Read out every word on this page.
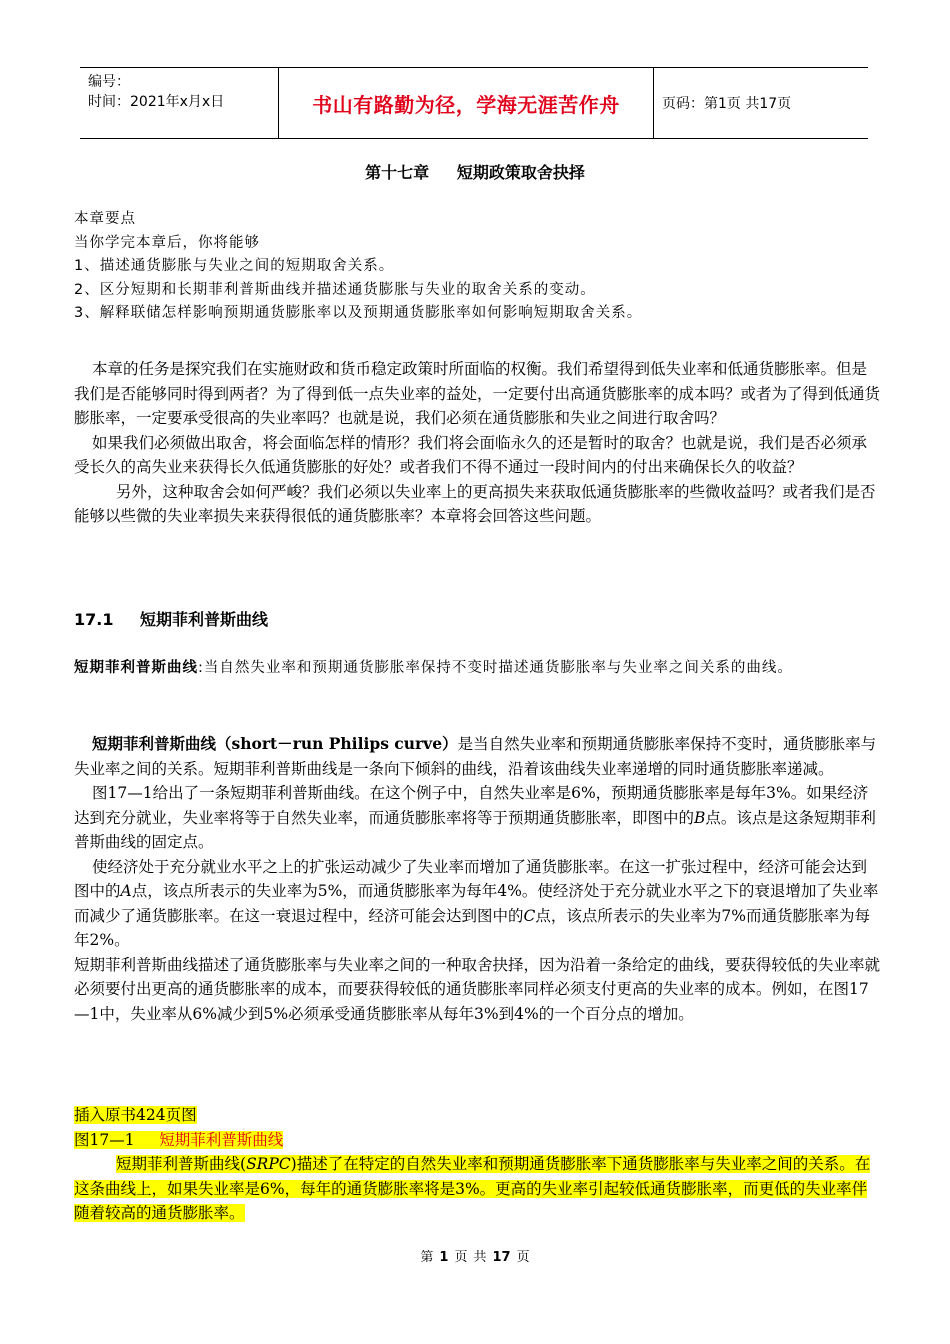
编号：
时间：2021年x月x日	书山有路勤为径，学海无涯苦作舟	页码：第1页 共17页
第十七章     短期政策取舍抉择

本章要点

当你学完本章后，你将能够

1、描述通货膨胀与失业之间的短期取舍关系。

2、区分短期和长期菲利普斯曲线并描述通货膨胀与失业的取舍关系的变动。

3、解释联储怎样影响预期通货膨胀率以及预期通货膨胀率如何影响短期取舍关系。

本章的任务是探究我们在实施财政和货币稳定政策时所面临的权衡。我们希望得到低失业率和低通货膨胀率。但是我们是否能够同时得到两者？为了得到低一点失业率的益处，一定要付出高通货膨胀率的成本吗？或者为了得到低通货膨胀率，一定要承受很高的失业率吗？也就是说，我们必须在通货膨胀和失业之间进行取舍吗？

如果我们必须做出取舍，将会面临怎样的情形？我们将会面临永久的还是暂时的取舍？也就是说，我们是否必须承受长久的高失业来获得长久低通货膨胀的好处？或者我们不得不通过一段时间内的付出来确保长久的收益？

另外，这种取舍会如何严峻？我们必须以失业率上的更高损失来获取低通货膨胀率的些微收益吗？或者我们是否能够以些微的失业率损失来获得很低的通货膨胀率？本章将会回答这些问题。

17.1 短期菲利普斯曲线

短期菲利普斯曲线:当自然失业率和预期通货膨胀率保持不变时描述通货膨胀率与失业率之间关系的曲线。

短期菲利普斯曲线（short－run Philips curve）是当自然失业率和预期通货膨胀率保持不变时，通货膨胀率与失业率之间的关系。短期菲利普斯曲线是一条向下倾斜的曲线，沿着该曲线失业率递增的同时通货膨胀率递减。

图17—1给出了一条短期菲利普斯曲线。在这个例子中，自然失业率是6%，预期通货膨胀率是每年3%。如果经济达到充分就业，失业率将等于自然失业率，而通货膨胀率将等于预期通货膨胀率，即图中的B点。该点是这条短期菲利普斯曲线的固定点。

使经济处于充分就业水平之上的扩张运动减少了失业率而增加了通货膨胀率。在这一扩张过程中，经济可能会达到图中的A点，该点所表示的失业率为5%，而通货膨胀率为每年4%。使经济处于充分就业水平之下的衰退增加了失业率而减少了通货膨胀率。在这一衰退过程中，经济可能会达到图中的C点，该点所表示的失业率为7%而通货膨胀率为每年2%。

短期菲利普斯曲线描述了通货膨胀率与失业率之间的一种取舍抉择，因为沿着一条给定的曲线，要获得较低的失业率就必须要付出更高的通货膨胀率的成本，而要获得较低的通货膨胀率同样必须支付更高的失业率的成本。例如，在图17—1中，失业率从6%减少到5%必须承受通货膨胀率从每年3%到4%的一个百分点的增加。

插入原书424页图

图17—1 短期菲利普斯曲线

短期菲利普斯曲线(SRPC)描述了在特定的自然失业率和预期通货膨胀率下通货膨胀率与失业率之间的关系。在这条曲线上，如果失业率是6%，每年的通货膨胀率将是3%。更高的失业率引起较低通货膨胀率，而更低的失业率伴随着较高的通货膨胀率。

第 1 页 共 17 页
